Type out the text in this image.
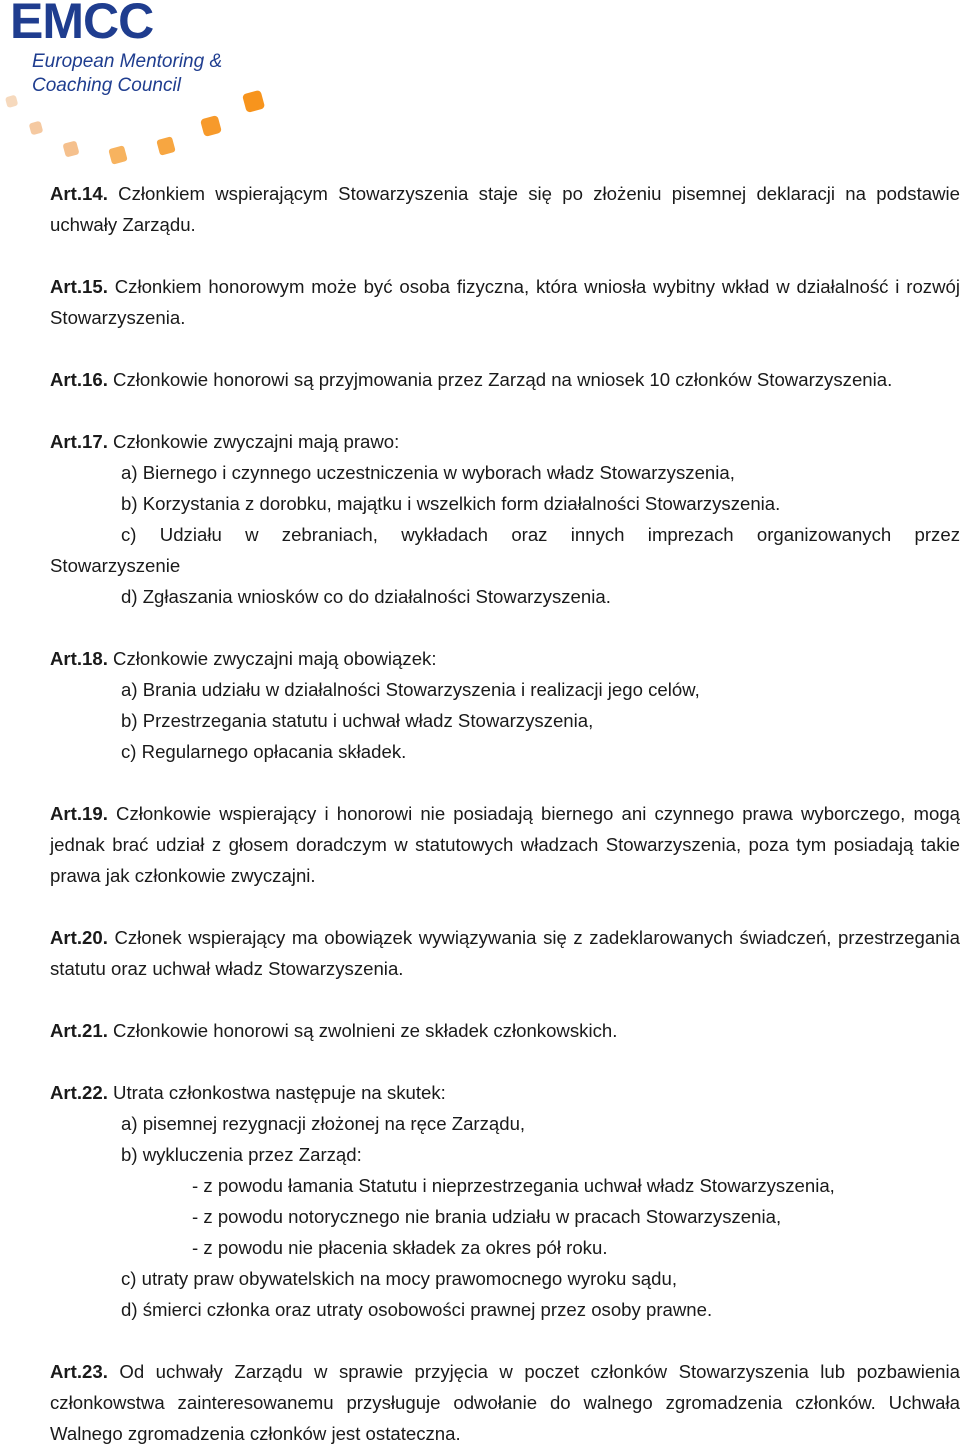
EMCC
European Mentoring &
Coaching Council

Art.14. Członkiem wspierającym Stowarzyszenia staje się po złożeniu pisemnej deklaracji na podstawie uchwały Zarządu.

Art.15. Członkiem honorowym może być osoba fizyczna, która wniosła wybitny wkład w działalność i rozwój Stowarzyszenia.

Art.16. Członkowie honorowi są przyjmowania przez Zarząd na wniosek 10 członków Stowarzyszenia.

Art.17. Członkowie zwyczajni mają prawo:

a) Biernego i czynnego uczestniczenia w wyborach władz Stowarzyszenia,

b) Korzystania z dorobku, majątku i wszelkich form działalności Stowarzyszenia.

c) Udziału w zebraniach, wykładach oraz innych imprezach organizowanych przez

Stowarzyszenie

d) Zgłaszania wniosków co do działalności Stowarzyszenia.

Art.18. Członkowie zwyczajni mają obowiązek:

a) Brania udziału w działalności Stowarzyszenia i realizacji jego celów,

b) Przestrzegania statutu i uchwał władz Stowarzyszenia,

c) Regularnego opłacania składek.

Art.19. Członkowie wspierający i honorowi nie posiadają biernego ani czynnego prawa wyborczego, mogą jednak brać udział z głosem doradczym w statutowych władzach Stowarzyszenia, poza tym posiadają takie prawa jak członkowie zwyczajni.

Art.20. Członek wspierający ma obowiązek wywiązywania się z zadeklarowanych świadczeń, przestrzegania statutu oraz uchwał władz Stowarzyszenia.

Art.21. Członkowie honorowi są zwolnieni ze składek członkowskich.

Art.22. Utrata członkostwa następuje na skutek:

a) pisemnej rezygnacji złożonej na ręce Zarządu,

b) wykluczenia przez Zarząd:

- z powodu łamania Statutu i nieprzestrzegania uchwał władz Stowarzyszenia,

- z powodu notorycznego nie brania udziału w pracach Stowarzyszenia,

- z powodu nie płacenia składek za okres pół roku.

c) utraty praw obywatelskich na mocy prawomocnego wyroku sądu,

d) śmierci członka oraz utraty osobowości prawnej przez osoby prawne.

Art.23. Od uchwały Zarządu w sprawie przyjęcia w poczet członków Stowarzyszenia lub pozbawienia członkowstwa zainteresowanemu przysługuje odwołanie do walnego zgromadzenia członków. Uchwała Walnego zgromadzenia członków jest ostateczna.
